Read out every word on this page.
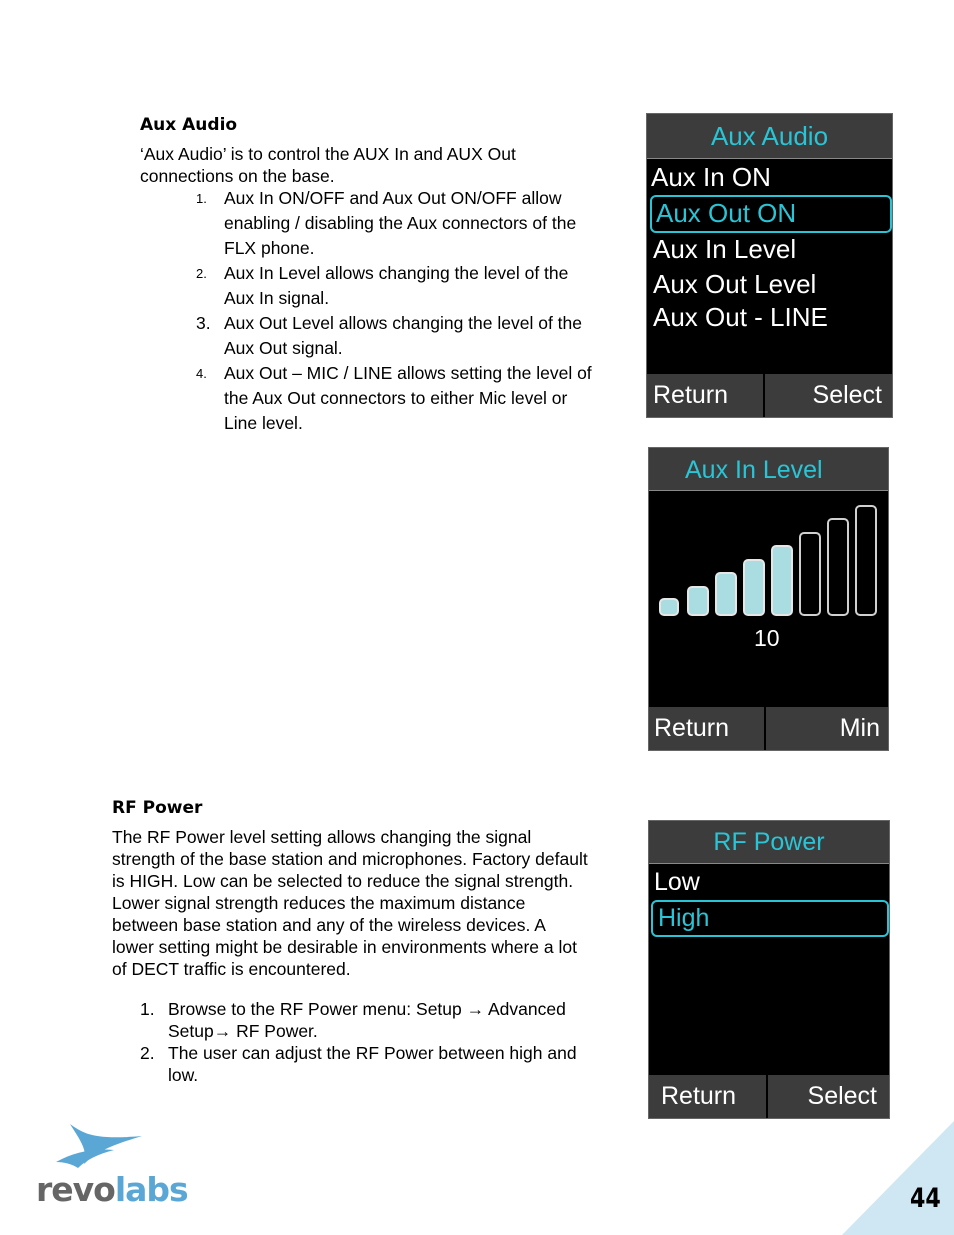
Aux Audio
‘Aux Audio’ is to control the AUX In and AUX Out connections on the base.
1. Aux In ON/OFF and Aux Out ON/OFF allow enabling / disabling the Aux connectors of the FLX phone.
2. Aux In Level allows changing the level of the Aux In signal.
3. Aux Out Level allows changing the level of the Aux Out signal.
4. Aux Out – MIC / LINE allows setting the level of the Aux Out connectors to either Mic level or Line level.
Aux Audio
Aux In ON
Aux Out ON
Aux In Level
Aux Out Level
Aux Out - LINE
Return	Select
Aux In Level
10
Return	Min
RF Power
The RF Power level setting allows changing the signal strength of the base station and microphones. Factory default is HIGH. Low can be selected to reduce the signal strength. Lower signal strength reduces the maximum distance between base station and any of the wireless devices. A lower setting might be desirable in environments where a lot of DECT traffic is encountered.
1. Browse to the RF Power menu: Setup → Advanced Setup→ RF Power.
2. The user can adjust the RF Power between high and low.
RF Power
Low
High
Return	Select
revolabs	44
